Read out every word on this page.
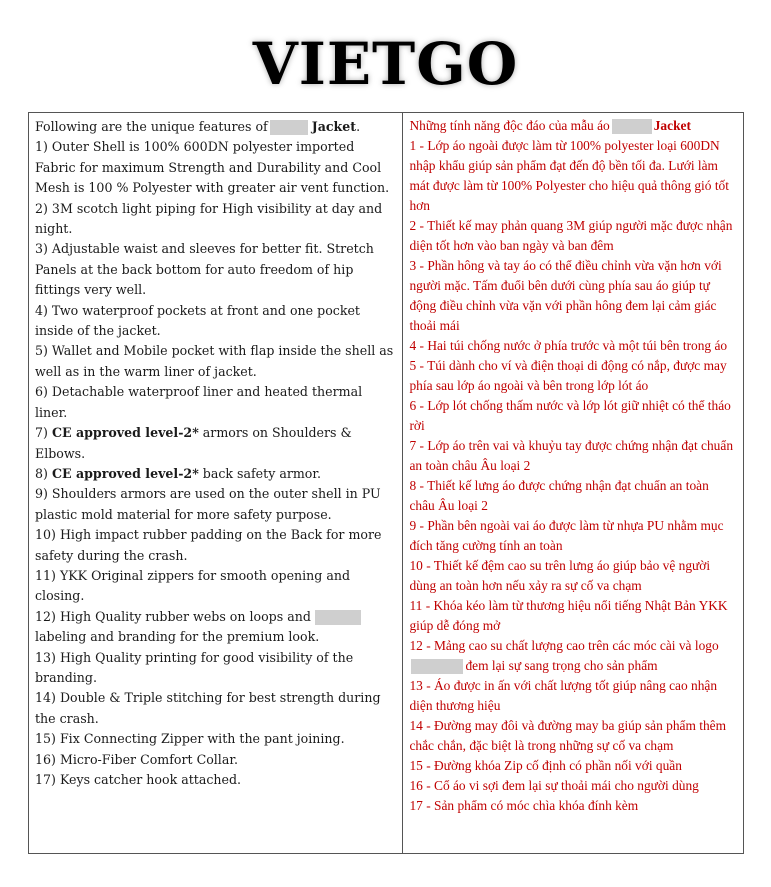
VIETGO

Following are the unique features of	Jacket.

1) Outer Shell is 100% 600DN polyester imported Fabric for maximum Strength and Durability and Cool Mesh is 100 % Polyester with greater air vent function.

2) 3M scotch light piping for High visibility at day and night.

3) Adjustable waist and sleeves for better fit. Stretch Panels at the back bottom for auto freedom of hip fittings very well.

4) Two waterproof pockets at front and one pocket inside of the jacket.

5) Wallet and Mobile pocket with flap inside the shell as well as in the warm liner of jacket.

6) Detachable waterproof liner and heated thermal liner.

7) CE approved level-2* armors on Shoulders & Elbows.

8) CE approved level-2* back safety armor.

9) Shoulders armors are used on the outer shell in PU plastic mold material for more safety purpose.

10) High impact rubber padding on the Back for more safety during the crash.

11) YKK Original zippers for smooth opening and closing.

12) High Quality rubber webs on loops and labeling and branding for the premium look.

13) High Quality printing for good visibility of the branding.

14) Double & Triple stitching for best strength during the crash.

15) Fix Connecting Zipper with the pant joining.

16) Micro-Fiber Comfort Collar.

17) Keys catcher hook attached.

Những tính năng độc đáo của mẫu áo	Jacket

1 - Lớp áo ngoài được làm từ 100% polyester loại 600DN nhập khẩu giúp sản phẩm đạt đến độ bền tối đa. Lưới làm mát được làm từ 100% Polyester cho hiệu quả thông gió tốt hơn

2 - Thiết kế may phản quang 3M giúp người mặc được nhận diện tốt hơn vào ban ngày và ban đêm

3 - Phần hông và tay áo có thể điều chỉnh vừa vặn hơn với người mặc. Tấm đuổi bên dưới cùng phía sau áo giúp tự động điều chỉnh vừa vặn với phần hông đem lại cảm giác thoải mái

4 - Hai túi chống nước ở phía trước và một túi bên trong áo

5 - Túi dành cho ví và điện thoại di động có nắp, được may phía sau lớp áo ngoài và bên trong lớp lót áo

6 - Lớp lót chống thấm nước và lớp lót giữ nhiệt có thể tháo rời

7 - Lớp áo trên vai và khuỷu tay được chứng nhận đạt chuẩn an toàn châu Âu loại 2

8 - Thiết kế lưng áo được chứng nhận đạt chuẩn an toàn châu Âu loại 2

9 - Phần bên ngoài vai áo được làm từ nhựa PU nhằm mục đích tăng cường tính an toàn

10 - Thiết kế đệm cao su trên lưng áo giúp bảo vệ người dùng an toàn hơn nếu xảy ra sự cố va chạm

11 - Khóa kéo làm từ thương hiệu nổi tiếng Nhật Bản YKK giúp dễ đóng mở

12 - Mảng cao su chất lượng cao trên các móc cài và logođem lại sự sang trọng cho sản phẩm

13 - Áo được in ấn với chất lượng tốt giúp nâng cao nhận diện thương hiệu

14 - Đường may đôi và đường may ba giúp sản phẩm thêm chắc chắn, đặc biệt là trong những sự cố va chạm

15 - Đường khóa Zip cố định có phần nối với quần

16 - Cổ áo vi sợi đem lại sự thoải mái cho người dùng

17 - Sản phẩm có móc chìa khóa đính kèm
